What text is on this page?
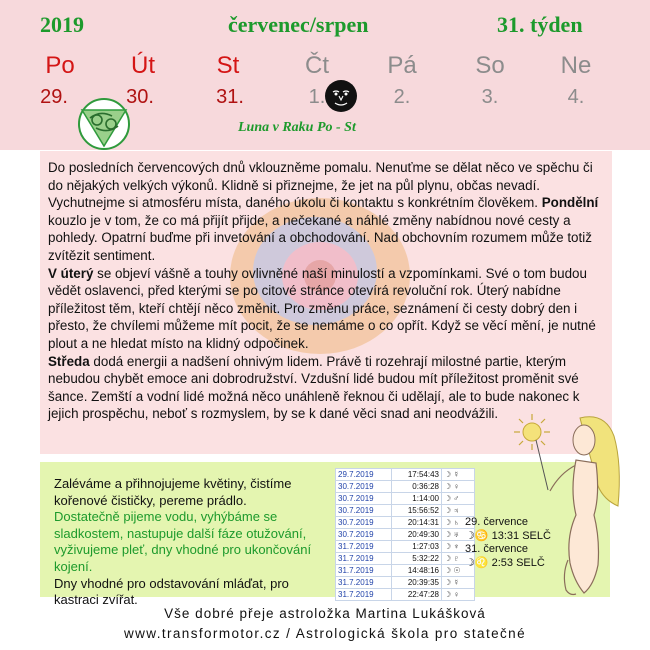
2019	červenec/srpen	31. týden
Po	Út	St	Čt	Pá	So	Ne
29.	30.	31.	1.	2.	3.	4.
Luna v Raku Po - St
Do posledních červencových dnů vklouzněme pomalu. Nenuťme se dělat něco ve spěchu či do nějakých velkých výkonů. Klidně si přiznejme, že jet na půl plynu, občas nevadí. Vychutnejme si atmosféru místa, daného úkolu či kontaktu s konkrétním člověkem. Pondělní kouzlo je v tom, že co má přijít přijde, a nečekané a náhlé změny nabídnou nové cesty a pohledy. Opatrní buďme při invetování a obchodování. Nad obchovním rozumem může totiž zvítězit sentiment.
V úterý se objeví vášně a touhy ovlivněné naší minulostí a vzpomínkami. Své o tom budou vědět oslavenci, před kterými se po citové stránce otevírá revoluční rok. Úterý nabídne příležitost těm, kteří chtějí něco změnit. Pro změnu práce, seznámení či cesty dobrý den i přesto, že chvílemi můžeme mít pocit, že se nemáme o co opřít. Když se věcí mění, je nutné plout a ne hledat místo na klidný odpočinek.
Středa dodá energii a nadšení ohnivým lidem. Právě ti rozehrají milostné partie, kterým nebudou chybět emoce ani dobrodružství. Vzdušní lidé budou mít příležitost proměnit své šance. Zemští a vodní lidé možná něco unáhleně řeknou či udělají, ale to bude nakonec k jejich prospěchu, neboť s rozmyslem, by se k dané věci snad ani neodvážili.
Zaléváme a přihnojujeme květiny, čistíme kořenové čističky, pereme prádlo.
Dostatečně pijeme vodu, vyhýbáme se sladkostem, nastupuje další fáze otužování, vyživujeme pleť, dny vhodné pro ukončování kojení.
Dny vhodné pro odstavování mláďat, pro kastraci zvířat.
29.7.2019	17:54:43	☽ ☿
30.7.2019	0:36:28	☽ ♀
30.7.2019	1:14:00	☽ ♂
30.7.2019	15:56:52	☽ ♃
30.7.2019	20:14:31	☽ ♄
30.7.2019	20:49:30	☽ ♅
31.7.2019	1:27:03	☽ ♆
31.7.2019	5:32:22	☽ ♇
31.7.2019	14:48:16	☽ ☉
31.7.2019	20:39:35	☽ ☿
31.7.2019	22:47:28	☽ ♀
29. července
☽♋ 13:31 SELČ
31. července
☽♌ 2:53 SELČ
Vše dobré přeje astroložka Martina Lukášková
www.transformotor.cz / Astrologická škola pro statečné
